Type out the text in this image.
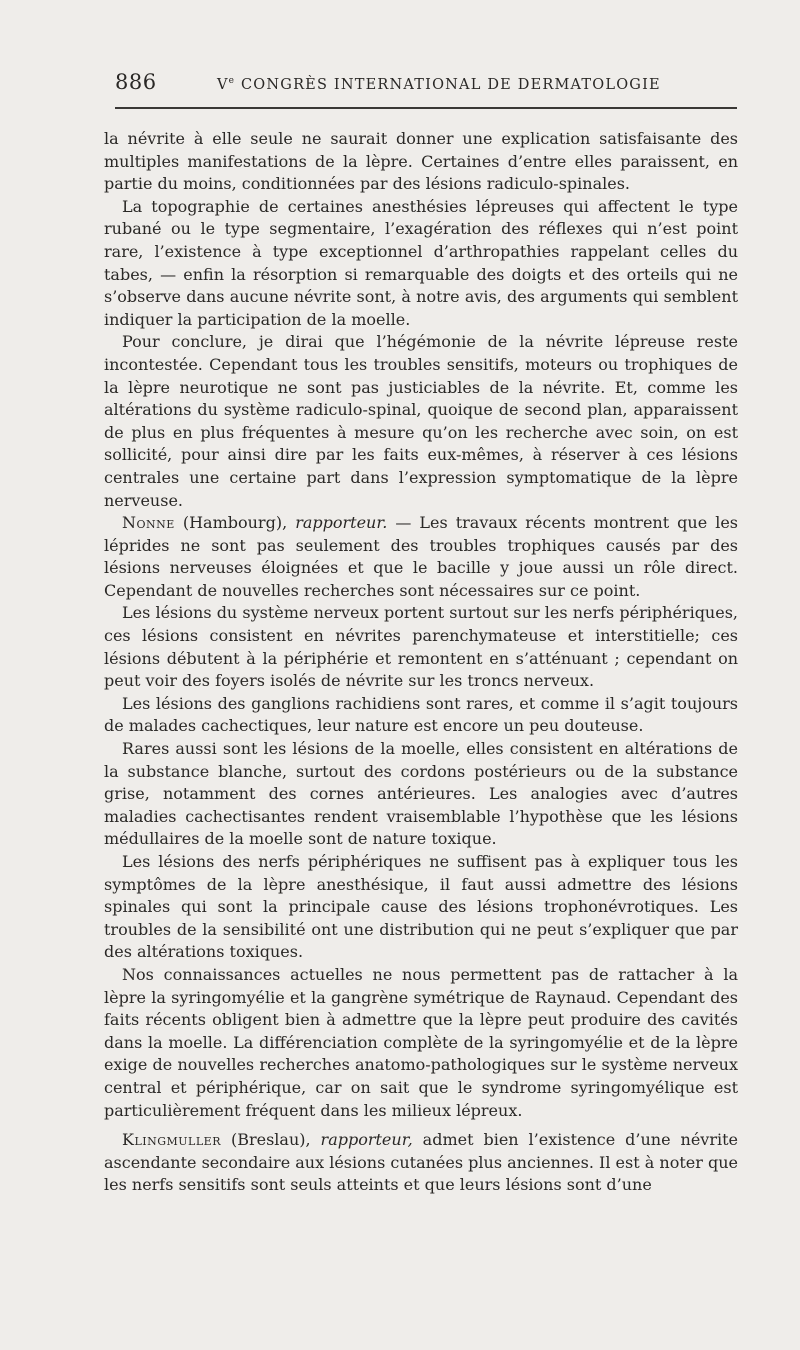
886	Ve CONGRÈS INTERNATIONAL DE DERMATOLOGIE

la névrite à elle seule ne saurait donner une explication satisfaisante des multiples manifestations de la lèpre. Certaines d’entre elles paraissent, en partie du moins, conditionnées par des lésions radiculo-spinales.

La topographie de certaines anesthésies lépreuses qui affectent le type rubané ou le type segmentaire, l’exagération des réflexes qui n’est point rare, l’existence à type exceptionnel d’arthropathies rappelant celles du tabes, — enfin la résorption si remarquable des doigts et des orteils qui ne s’observe dans aucune névrite sont, à notre avis, des arguments qui semblent indiquer la participation de la moelle.

Pour conclure, je dirai que l’hégémonie de la névrite lépreuse reste incontestée. Cependant tous les troubles sensitifs, moteurs ou trophiques de la lèpre neurotique ne sont pas justiciables de la névrite. Et, comme les altérations du système radiculo-spinal, quoique de second plan, apparaissent de plus en plus fréquentes à mesure qu’on les recherche avec soin, on est sollicité, pour ainsi dire par les faits eux-mêmes, à réserver à ces lésions centrales une certaine part dans l’expression symptomatique de la lèpre nerveuse.

Nonne (Hambourg), rapporteur. — Les travaux récents montrent que les léprides ne sont pas seulement des troubles trophiques causés par des lésions nerveuses éloignées et que le bacille y joue aussi un rôle direct. Cependant de nouvelles recherches sont nécessaires sur ce point.

Les lésions du système nerveux portent surtout sur les nerfs périphériques, ces lésions consistent en névrites parenchymateuse et interstitielle; ces lésions débutent à la périphérie et remontent en s’atténuant ; cependant on peut voir des foyers isolés de névrite sur les troncs nerveux.

Les lésions des ganglions rachidiens sont rares, et comme il s’agit toujours de malades cachectiques, leur nature est encore un peu douteuse.

Rares aussi sont les lésions de la moelle, elles consistent en altérations de la substance blanche, surtout des cordons postérieurs ou de la substance grise, notamment des cornes antérieures. Les analogies avec d’autres maladies cachectisantes rendent vraisemblable l’hypothèse que les lésions médullaires de la moelle sont de nature toxique.

Les lésions des nerfs périphériques ne suffisent pas à expliquer tous les symptômes de la lèpre anesthésique, il faut aussi admettre des lésions spinales qui sont la principale cause des lésions trophonévrotiques. Les troubles de la sensibilité ont une distribution qui ne peut s’expliquer que par des altérations toxiques.

Nos connaissances actuelles ne nous permettent pas de rattacher à la lèpre la syringomyélie et la gangrène symétrique de Raynaud. Cependant des faits récents obligent bien à admettre que la lèpre peut produire des cavités dans la moelle. La différenciation complète de la syringomyélie et de la lèpre exige de nouvelles recherches anatomo-pathologiques sur le système nerveux central et périphérique, car on sait que le syndrome syringomyélique est particulièrement fréquent dans les milieux lépreux.

Klingmuller (Breslau), rapporteur, admet bien l’existence d’une névrite ascendante secondaire aux lésions cutanées plus anciennes. Il est à noter que les nerfs sensitifs sont seuls atteints et que leurs lésions sont d’une
